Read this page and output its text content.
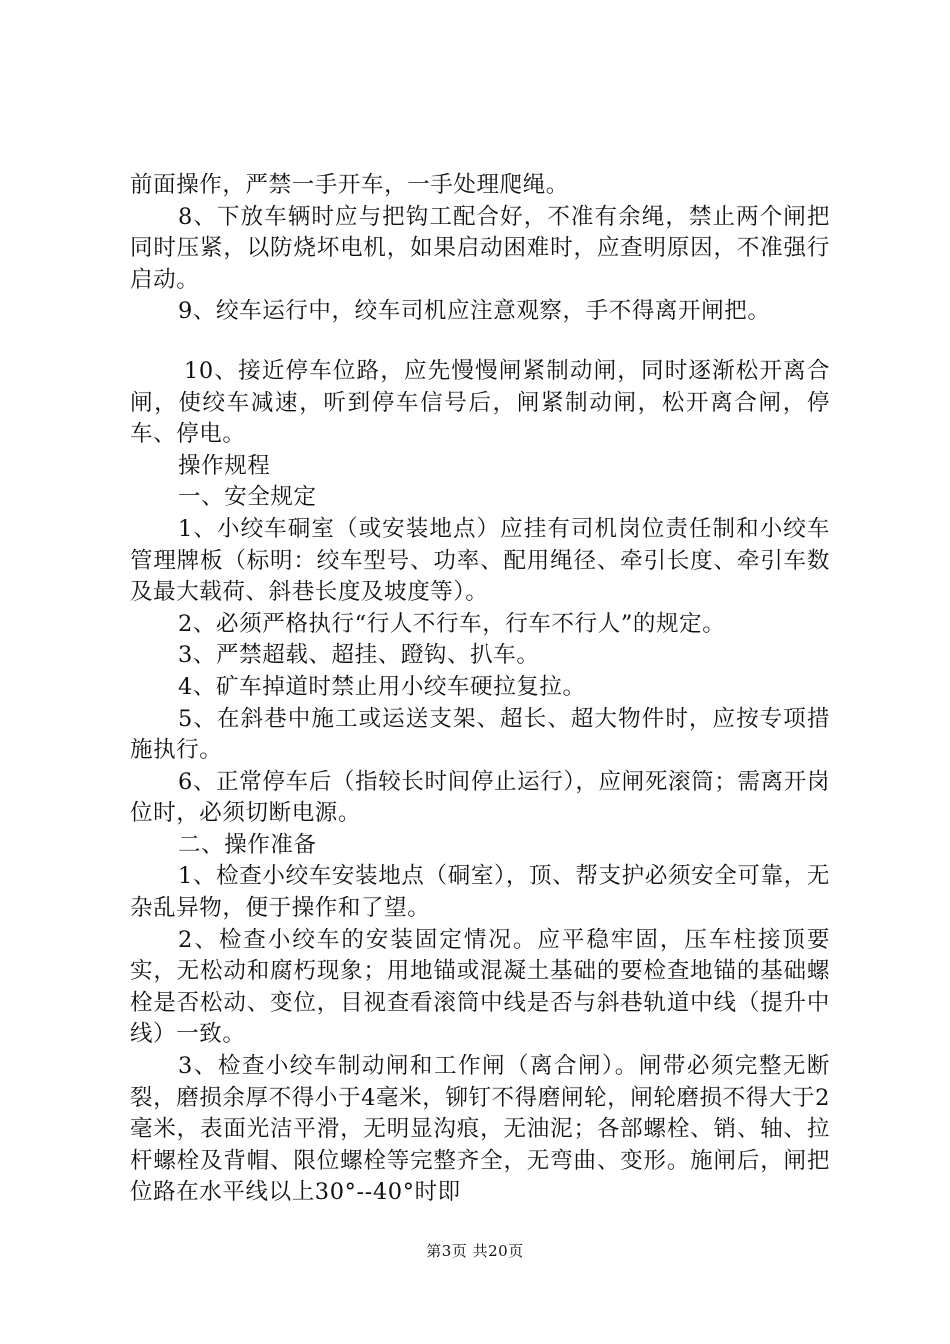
前面操作，严禁一手开车，一手处理爬绳。

8、下放车辆时应与把钩工配合好，不准有余绳，禁止两个闸把同时压紧，以防烧坏电机，如果启动困难时，应查明原因，不准强行启动。

9、绞车运行中，绞车司机应注意观察，手不得离开闸把。

10、接近停车位路，应先慢慢闸紧制动闸，同时逐渐松开离合闸，使绞车减速，听到停车信号后，闸紧制动闸，松开离合闸，停车、停电。

操作规程

一、安全规定

1、小绞车硐室（或安装地点）应挂有司机岗位责任制和小绞车管理牌板（标明：绞车型号、功率、配用绳径、牵引长度、牵引车数及最大载荷、斜巷长度及坡度等）。

2、必须严格执行“行人不行车，行车不行人”的规定。

3、严禁超载、超挂、蹬钩、扒车。

4、矿车掉道时禁止用小绞车硬拉复拉。

5、在斜巷中施工或运送支架、超长、超大物件时，应按专项措施执行。

6、正常停车后（指较长时间停止运行），应闸死滚筒；需离开岗位时，必须切断电源。

二、操作准备

1、检查小绞车安装地点（硐室），顶、帮支护必须安全可靠，无杂乱异物，便于操作和了望。

2、检查小绞车的安装固定情况。应平稳牢固，压车柱接顶要实，无松动和腐朽现象；用地锚或混凝土基础的要检查地锚的基础螺栓是否松动、变位，目视查看滚筒中线是否与斜巷轨道中线（提升中线）一致。

3、检查小绞车制动闸和工作闸（离合闸）。闸带必须完整无断裂，磨损余厚不得小于4毫米，铆钉不得磨闸轮，闸轮磨损不得大于2毫米，表面光洁平滑，无明显沟痕，无油泥；各部螺栓、销、轴、拉杆螺栓及背帽、限位螺栓等完整齐全，无弯曲、变形。施闸后，闸把位路在水平线以上30°--40°时即

第3页 共20页
